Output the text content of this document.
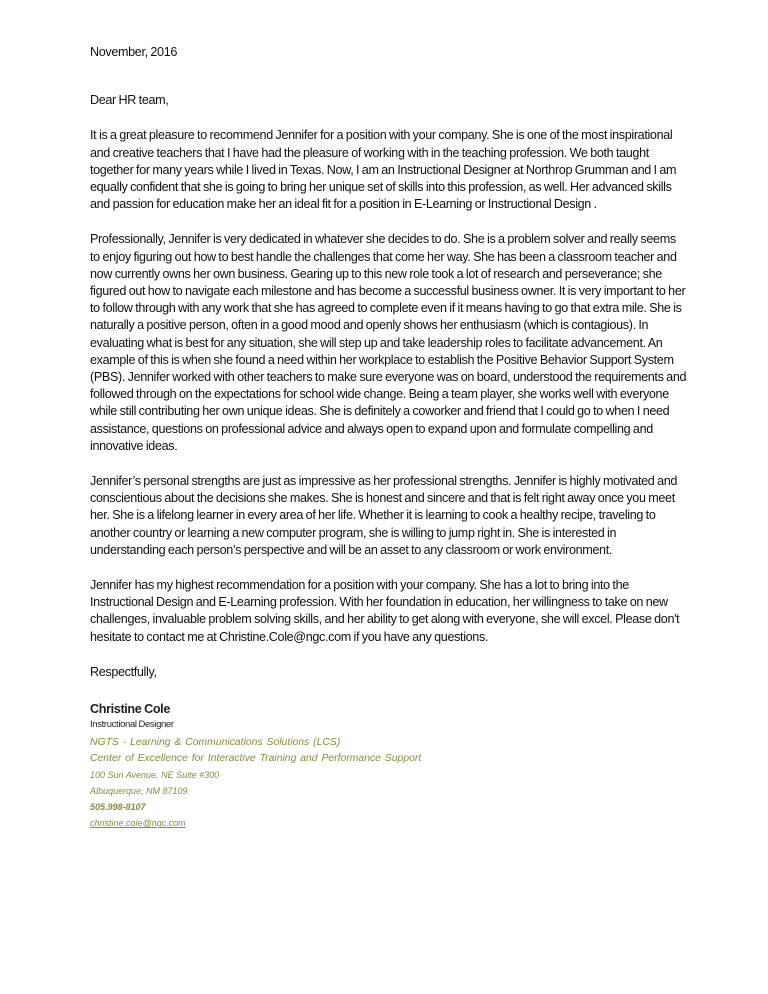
November, 2016

Dear HR team,

It is a great pleasure to recommend Jennifer for a position with your company. She is one of the most inspirational and creative teachers that I have had the pleasure of working with in the teaching profession. We both taught together for many years while I lived in Texas. Now, I am an Instructional Designer at Northrop Grumman and I am equally confident that she is going to bring her unique set of skills into this profession, as well. Her advanced skills and passion for education make her an ideal fit for a position in E-Learning or Instructional Design .

Professionally, Jennifer is very dedicated in whatever she decides to do. She is a problem solver and really seems to enjoy figuring out how to best handle the challenges that come her way. She has been a classroom teacher and now currently owns her own business. Gearing up to this new role took a lot of research and perseverance; she figured out how to navigate each milestone and has become a successful business owner. It is very important to her to follow through with any work that she has agreed to complete even if it means having to go that extra mile. She is naturally a positive person, often in a good mood and openly shows her enthusiasm (which is contagious). In evaluating what is best for any situation, she will step up and take leadership roles to facilitate advancement. An example of this is when she found a need within her workplace to establish the Positive Behavior Support System (PBS). Jennifer worked with other teachers to make sure everyone was on board, understood the requirements and followed through on the expectations for school wide change. Being a team player, she works well with everyone while still contributing her own unique ideas. She is definitely a coworker and friend that I could go to when I need assistance, questions on professional advice and always open to expand upon and formulate compelling and innovative ideas.

Jennifer’s personal strengths are just as impressive as her professional strengths. Jennifer is highly motivated and conscientious about the decisions she makes. She is honest and sincere and that is felt right away once you meet her. She is a lifelong learner in every area of her life. Whether it is learning to cook a healthy recipe, traveling to another country or learning a new computer program, she is willing to jump right in. She is interested in understanding each person’s perspective and will be an asset to any classroom or work environment.

Jennifer has my highest recommendation for a position with your company. She has a lot to bring into the Instructional Design and E-Learning profession. With her foundation in education, her willingness to take on new challenges, invaluable problem solving skills, and her ability to get along with everyone, she will excel. Please don't hesitate to contact me at Christine.Cole@ngc.com if you have any questions.

Respectfully,

Christine Cole
Instructional Designer
NGTS - Learning & Communications Solutions (LCS)
Center of Excellence for Interactive Training and Performance Support
100 Sun Avenue, NE Suite #300
Albuquerque, NM 87109
505.998-8107
christine.cole@ngc.com
